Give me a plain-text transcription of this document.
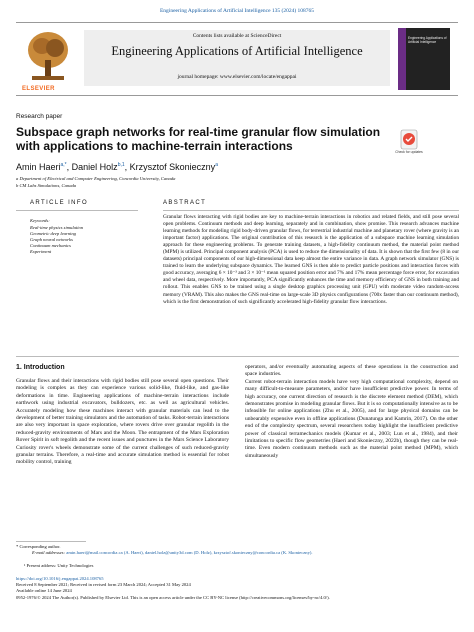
Engineering Applications of Artificial Intelligence 135 (2024) 108765
ELSEVIER
Contents lists available at ScienceDirect
Engineering Applications of Artificial Intelligence
journal homepage: www.elsevier.com/locate/engappai
Engineering Applications of Artificial Intelligence
Research paper
Subspace graph networks for real-time granular flow simulation with applications to machine-terrain interactions	Check for updates
Amin Haeri$^{a,*}$, Daniel Holz$^{b,1}$, Krzysztof Skonieczny$^a$
a Department of Electrical and Computer Engineering, Concordia University, Canada
b CM Labs Simulations, Canada
ARTICLE INFO	ABSTRACT
Keywords:
Real-time physics simulation
Geometric deep learning
Graph neural networks
Continuum mechanics
Experiment
Granular flows interacting with rigid bodies are key to machine-terrain interactions in robotics and related fields, and still pose several open problems. Continuum methods and deep learning, separately and in combination, show promise. This research advances machine learning methods for modeling rigid body-driven granular flows, for terrestrial industrial machine and planetary rover (where gravity is an important factor) applications. The original contribution of this research is the application of a subspace machine learning simulation approach for these engineering problems. To generate training datasets, a high-fidelity continuum method, the material point method (MPM) is utilized. Principal component analysis (PCA) is used to reduce the dimensionality of data. It is shown that the first few (8 in our datasets) principal components of our high-dimensional data keep almost the entire variance in data. A graph network simulator (GNS) is trained to learn the underlying subspace dynamics. The learned GNS is then able to predict particle positions and interaction forces with good accuracy, averaging 6 × 10⁻³ and 3 × 10⁻¹ mean squared position error and 7% and 17% mean percentage force error, for excavation and wheel data, respectively. More importantly, PCA significantly enhances the time and memory efficiency of GNS in both training and rollout. This enables GNS to be trained using a single desktop graphics processing unit (GPU) with moderate video random-access memory (VRAM). This also makes the GNS real-time on large-scale 3D physics configurations (700x faster than our continuum method), which is the first demonstration of such significantly accelerated high-fidelity granular flow interactions.
1. Introduction
Granular flows and their interactions with rigid bodies still pose several open questions. Their modeling is complex as they can experience various solid-like, fluid-like, and gas-like deformations in time. Engineering applications of machine-terrain interactions include earthwork using industrial excavators, bulldozers, etc. as well as agricultural vehicles. Accurately modeling how these machines interact with granular materials can lead to the development of better training simulators and the automation of tasks. Robot-terrain interactions are also very important in space exploration, where rovers drive over granular regolith in the reduced-gravity environments of Mars and the Moon. The entrapment of the Mars Exploration Rover Spirit in soft regolith and the recent issues and punctures in the Mars Science Laboratory Curiosity rover's wheels demonstrate some of the current challenges of such reduced-gravity granular terrains. Therefore, a real-time and accurate simulation method is essential for robot mobility control, training
operators, and/or eventually automating aspects of these operations in the construction and space industries.
Current robot-terrain interaction models have very high computational complexity, depend on many difficult-to-measure parameters, and/or have insufficient predictive power. In terms of high accuracy, one current direction of research is the discrete element method (DEM), which demonstrates promise in modeling granular flows. But it is so computationally intensive as to be infeasible for online applications (Zhu et al., 2005), and for large physical domains can be unbearably expensive even in offline applications (Dunatunga and Kamrin, 2017). On the other end of the complexity spectrum, several researchers today highlight the insufficient predictive power of classical terramechanics models (Kumar et al., 2003; Lun et al., 1984), and their limitations to specific flow geometries (Haeri and Skonieczny, 2022b), though they can be real-time. Even modern continuum methods such as the material point method (MPM), which simultaneously
* Corresponding author.
E-mail addresses: amin.haeri@mail.concordia.ca (A. Haeri), daniel.holz@unity3d.com (D. Holz), krzysztof.skonieczny@concordia.ca (K. Skonieczny).
¹ Present address: Unity Technologies
https://doi.org/10.1016/j.engappai.2024.108765
Received 8 September 2021; Received in revised form 23 March 2024; Accepted 31 May 2024
Available online 14 June 2024
0952-1976/© 2024 The Author(s). Published by Elsevier Ltd. This is an open access article under the CC BY-NC license (http://creativecommons.org/licenses/by-nc/4.0/).
